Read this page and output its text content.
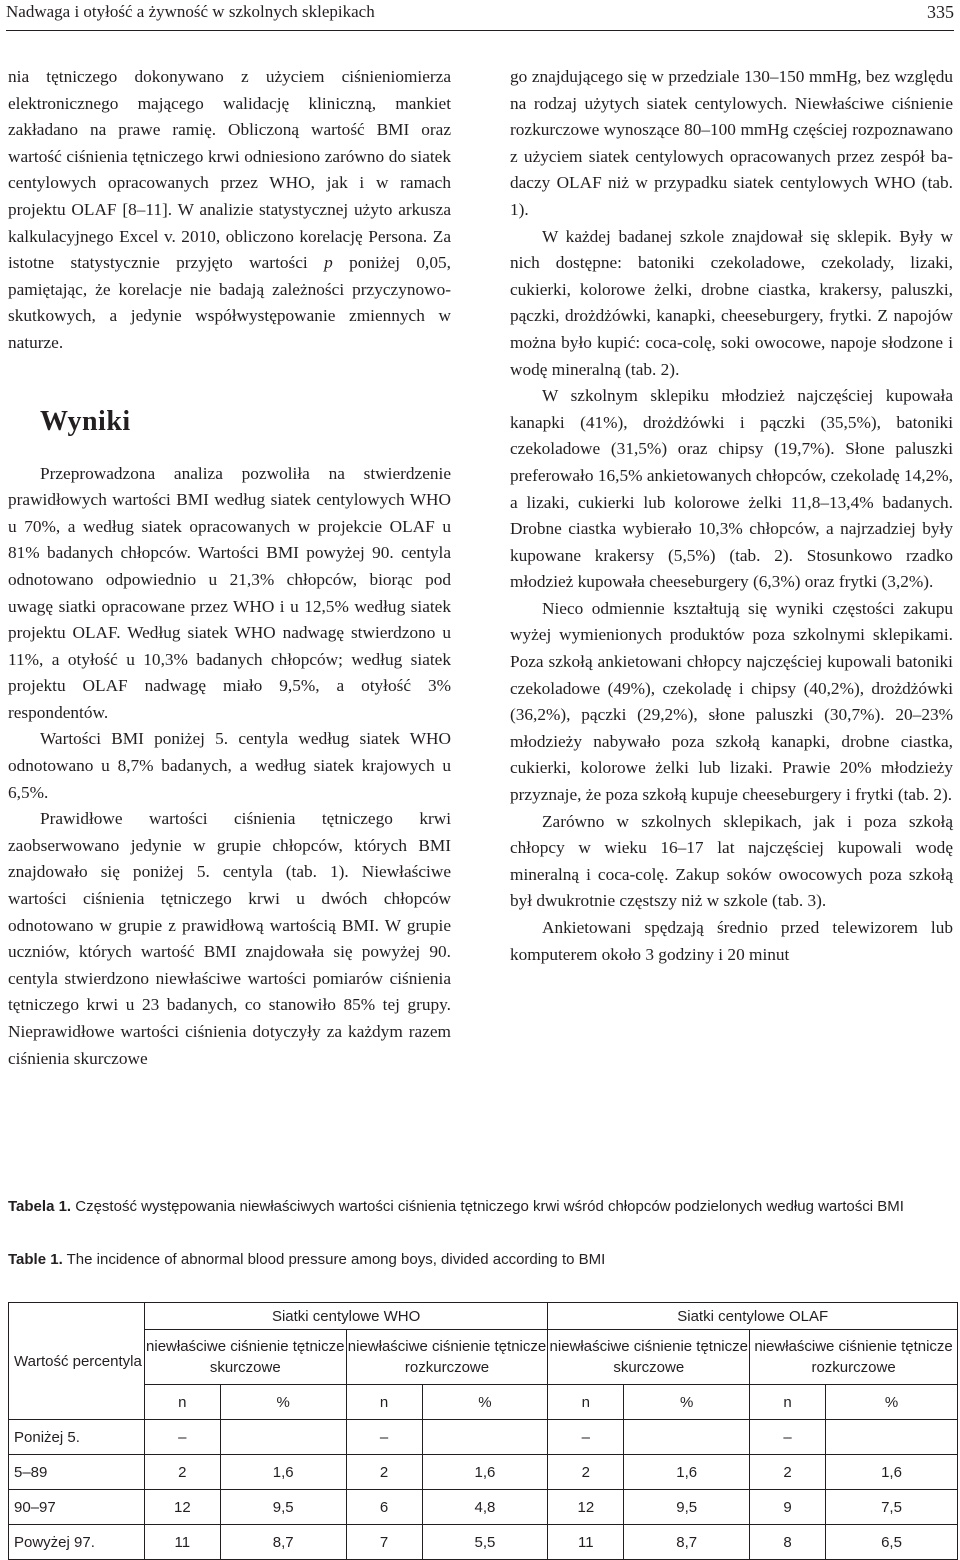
Nadwaga i otyłość a żywność w szkolnych sklepikach	335

nia tętniczego dokonywano z użyciem ciśnieniomierza elektronicznego mającego walidację kliniczną, mankiet zakładano na prawe ramię. Obliczoną wartość BMI oraz wartość ciśnienia tętniczego krwi odniesiono zarówno do siatek centylowych opracowanych przez WHO, jak i w ramach projektu OLAF [8–11]. W analizie statystycznej użyto arkusza kalkulacyjnego Excel v. 2010, obliczono korelację Persona. Za istotne statystycznie przyjęto wartości p poniżej 0,05, pamiętając, że korelacje nie badają zależności przyczynowo-skutkowych, a jedynie współwystępowanie zmiennych w naturze.

Wyniki

Przeprowadzona analiza pozwoliła na stwierdzenie prawidłowych wartości BMI według siatek centylowych WHO u 70%, a według siatek opracowanych w projekcie OLAF u 81% badanych chłopców. Wartości BMI powyżej 90. centyla odnotowano odpowiednio u 21,3% chłopców, biorąc pod uwagę siatki opracowane przez WHO i u 12,5% według siatek projektu OLAF. Według siatek WHO nadwagę stwierdzono u 11%, a otyłość u 10,3% badanych chłopców; według siatek projektu OLAF nadwagę miało 9,5%, a otyłość 3% respondentów.

Wartości BMI poniżej 5. centyla według siatek WHO odnotowano u 8,7% badanych, a według siatek krajowych u 6,5%.

Prawidłowe wartości ciśnienia tętniczego krwi zaobserwowano jedynie w grupie chłopców, których BMI znajdowało się poniżej 5. centyla (tab. 1). Niewłaściwe wartości ciśnienia tętniczego krwi u dwóch chłopców odnotowano w grupie z prawidłową wartością BMI. W grupie uczniów, których wartość BMI znajdowała się powyżej 90. centyla stwierdzono niewłaściwe wartości pomiarów ciśnienia tętniczego krwi u 23 badanych, co stanowiło 85% tej grupy. Nieprawidłowe wartości ciśnienia dotyczyły za każdym razem ciśnienia skurczowe

go znajdującego się w przedziale 130–150 mmHg, bez względu na rodzaj użytych siatek centylowych. Niewłaściwe ciśnienie rozkurczowe wynoszące 80–100 mmHg częściej rozpoznawano z użyciem siatek centylowych opracowanych przez zespół badaczy OLAF niż w przypadku siatek centylowych WHO (tab. 1).

W każdej badanej szkole znajdował się sklepik. Były w nich dostępne: batoniki czekoladowe, czekolady, lizaki, cukierki, kolorowe żelki, drobne ciastka, krakersy, paluszki, pączki, drożdżówki, kanapki, cheeseburgery, frytki. Z napojów można było kupić: coca-colę, soki owocowe, napoje słodzone i wodę mineralną (tab. 2).

W szkolnym sklepiku młodzież najczęściej kupowała kanapki (41%), drożdżówki i pączki (35,5%), batoniki czekoladowe (31,5%) oraz chipsy (19,7%). Słone paluszki preferowało 16,5% ankietowanych chłopców, czekoladę 14,2%, a lizaki, cukierki lub kolorowe żelki 11,8–13,4% badanych. Drobne ciastka wybierało 10,3% chłopców, a najrzadziej były kupowane krakersy (5,5%) (tab. 2). Stosunkowo rzadko młodzież kupowała cheeseburgery (6,3%) oraz frytki (3,2%).

Nieco odmiennie kształtują się wyniki częstości zakupu wyżej wymienionych produktów poza szkolnymi sklepikami. Poza szkołą ankietowani chłopcy najczęściej kupowali batoniki czekoladowe (49%), czekoladę i chipsy (40,2%), drożdżówki (36,2%), pączki (29,2%), słone paluszki (30,7%). 20–23% młodzieży nabywało poza szkołą kanapki, drobne ciastka, cukierki, kolorowe żelki lub lizaki. Prawie 20% młodzieży przyznaje, że poza szkołą kupuje cheeseburgery i frytki (tab. 2).

Zarówno w szkolnych sklepikach, jak i poza szkołą chłopcy w wieku 16–17 lat najczęściej kupowali wodę mineralną i coca-colę. Zakup soków owocowych poza szkołą był dwukrotnie częstszy niż w szkole (tab. 3).

Ankietowani spędzają średnio przed telewizorem lub komputerem około 3 godziny i 20 minut

Tabela 1. Częstość występowania niewłaściwych wartości ciśnienia tętniczego krwi wśród chłopców podzielonych według wartości BMI
Table 1. The incidence of abnormal blood pressure among boys, divided according to BMI
Wartość percentyla	Siatki centylowe WHO				Siatki centylowe OLAF			
	niewłaściwe ciśnienie tętnicze skurczowe		niewłaściwe ciśnienie tętnicze rozkurczowe		niewłaściwe ciśnienie tętnicze skurczowe		niewłaściwe ciśnienie tętnicze rozkurczowe	
	n	%	n	%	n	%	n	%
Poniżej 5.	–		–		–		–	
5–89	2	1,6	2	1,6	2	1,6	2	1,6
90–97	12	9,5	6	4,8	12	9,5	9	7,5
Powyżej 97.	11	8,7	7	5,5	11	8,7	8	6,5
